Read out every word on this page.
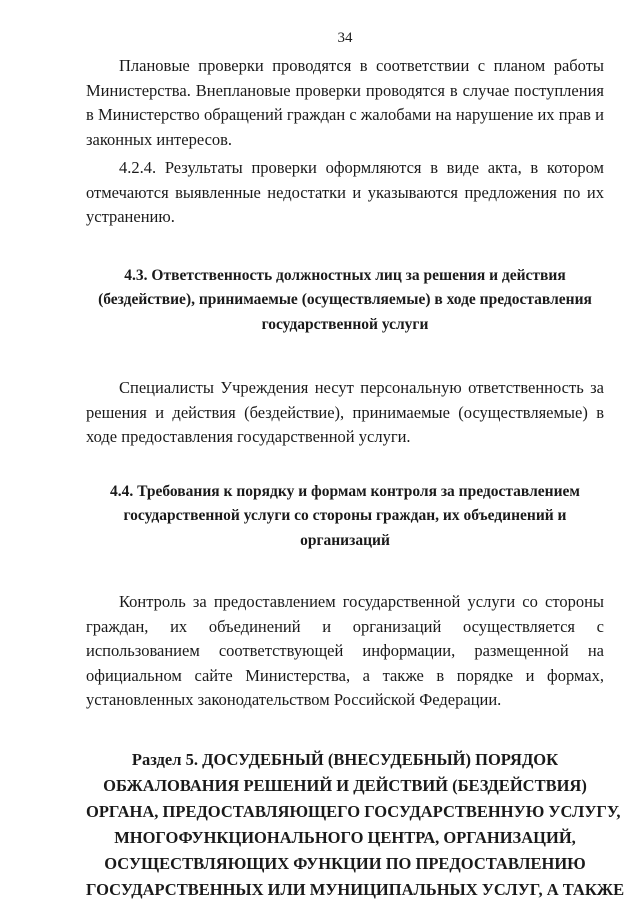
34

Плановые проверки проводятся в соответствии с планом работы Министерства. Внеплановые проверки проводятся в случае поступления в Министерство обращений граждан с жалобами на нарушение их прав и законных интересов.

4.2.4. Результаты проверки оформляются в виде акта, в котором отмечаются выявленные недостатки и указываются предложения по их устранению.

4.3. Ответственность должностных лиц за решения и действия
(бездействие), принимаемые (осуществляемые) в ходе предоставления
государственной услуги

Специалисты Учреждения несут персональную ответственность за решения и действия (бездействие), принимаемые (осуществляемые) в ходе предоставления государственной услуги.

4.4. Требования к порядку и формам контроля за предоставлением
государственной услуги со стороны граждан, их объединений и
организаций

Контроль за предоставлением государственной услуги со стороны граждан, их объединений и организаций осуществляется с использованием соответствующей информации, размещенной на официальном сайте Министерства, а также в порядке и формах, установленных законодательством Российской Федерации.

Раздел 5. ДОСУДЕБНЫЙ (ВНЕСУДЕБНЫЙ) ПОРЯДОК
ОБЖАЛОВАНИЯ РЕШЕНИЙ И ДЕЙСТВИЙ (БЕЗДЕЙСТВИЯ)
ОРГАНА, ПРЕДОСТАВЛЯЮЩЕГО ГОСУДАРСТВЕННУЮ УСЛУГУ,
МНОГОФУНКЦИОНАЛЬНОГО ЦЕНТРА, ОРГАНИЗАЦИЙ,
ОСУЩЕСТВЛЯЮЩИХ ФУНКЦИИ ПО ПРЕДОСТАВЛЕНИЮ
ГОСУДАРСТВЕННЫХ ИЛИ МУНИЦИПАЛЬНЫХ УСЛУГ, А ТАКЖЕ
